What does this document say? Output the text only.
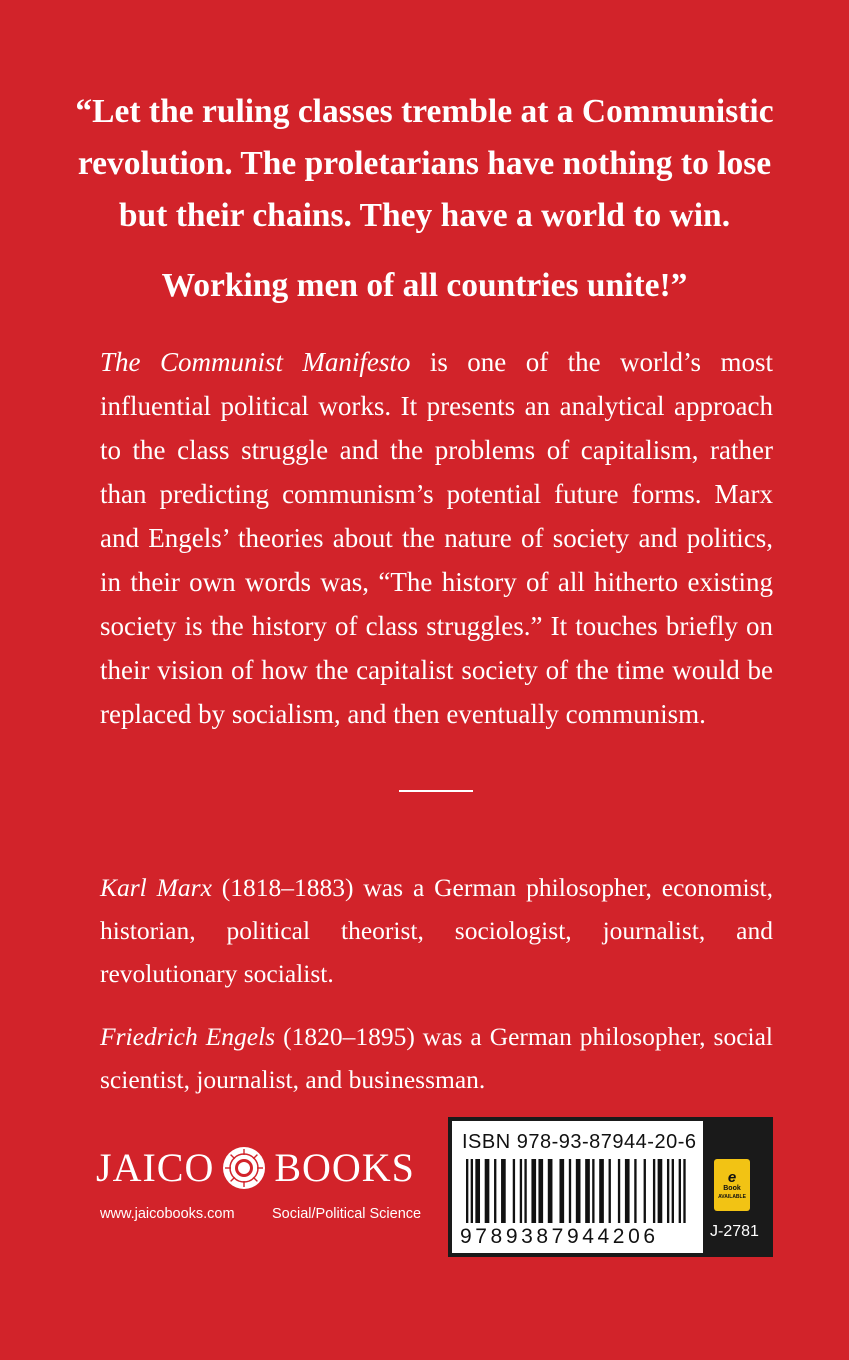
“Let the ruling classes tremble at a Communistic revolution. The proletarians have nothing to lose but their chains. They have a world to win.

Working men of all countries unite!”

The Communist Manifesto is one of the world’s most influential political works. It presents an analytical approach to the class struggle and the problems of capitalism, rather than predicting communism’s potential future forms. Marx and Engels’ theories about the nature of society and politics, in their own words was, “The history of all hitherto existing society is the history of class struggles.” It touches briefly on their vision of how the capitalist society of the time would be replaced by socialism, and then eventually communism.

Karl Marx (1818–1883) was a German philosopher, economist, historian, political theorist, sociologist, journalist, and revolutionary socialist.

Friedrich Engels (1820–1895) was a German philosopher, social scientist, journalist, and businessman.

JAICO BOOKS
www.jaicobooks.com	Social/Political Science
ISBN 978-93-87944-20-6
9789387944206
e
Book
AVAILABLE
J-2781
